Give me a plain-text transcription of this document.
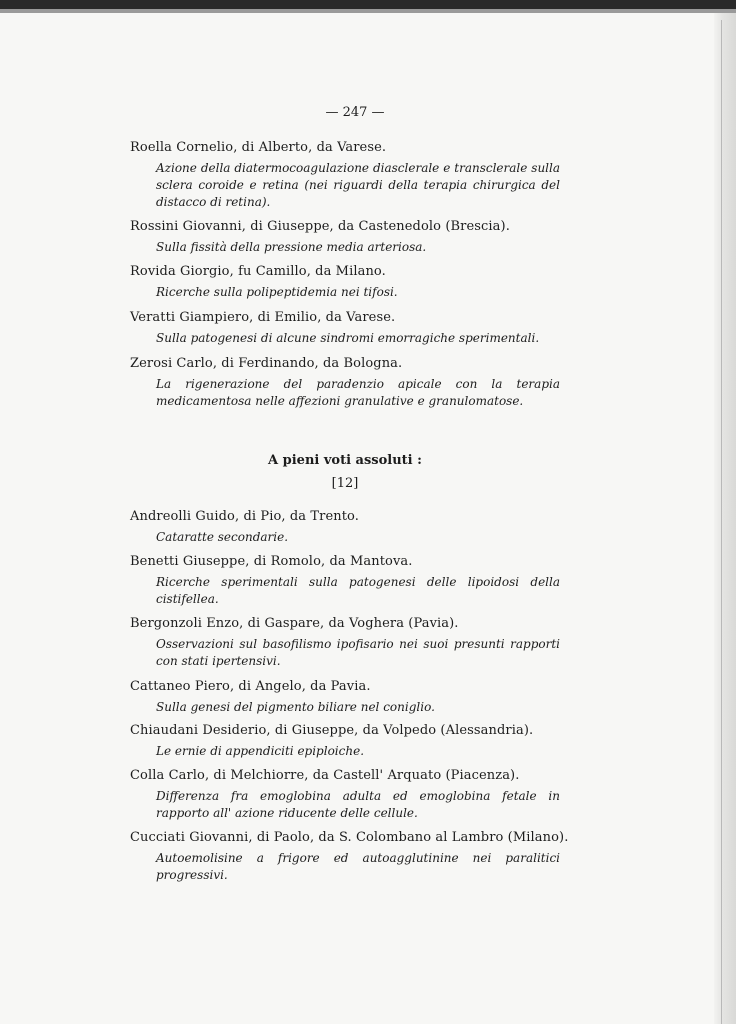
— 247 —
Roella Cornelio, di Alberto, da Varese.
Azione della diatermocoagulazione diasclerale e transclerale sulla sclera coroide e retina (nei riguardi della terapia chirurgica del distacco di retina).
Rossini Giovanni, di Giuseppe, da Castenedolo (Brescia).
Sulla fissità della pressione media arteriosa.
Rovida Giorgio, fu Camillo, da Milano.
Ricerche sulla polipeptidemia nei tifosi.
Veratti Giampiero, di Emilio, da Varese.
Sulla patogenesi di alcune sindromi emorragiche sperimentali.
Zerosi Carlo, di Ferdinando, da Bologna.
La rigenerazione del paradenzio apicale con la terapia medicamentosa nelle affezioni granulative e granulomatose.
A pieni voti assoluti :
[12]
Andreolli Guido, di Pio, da Trento.
Cataratte secondarie.
Benetti Giuseppe, di Romolo, da Mantova.
Ricerche sperimentali sulla patogenesi delle lipoidosi della cistifellea.
Bergonzoli Enzo, di Gaspare, da Voghera (Pavia).
Osservazioni sul basofilismo ipofisario nei suoi presunti rapporti con stati ipertensivi.
Cattaneo Piero, di Angelo, da Pavia.
Sulla genesi del pigmento biliare nel coniglio.
Chiaudani Desiderio, di Giuseppe, da Volpedo (Alessandria).
Le ernie di appendiciti epiploiche.
Colla Carlo, di Melchiorre, da Castell' Arquato (Piacenza).
Differenza fra emoglobina adulta ed emoglobina fetale in rapporto all' azione riducente delle cellule.
Cucciati Giovanni, di Paolo, da S. Colombano al Lambro (Milano).
Autoemolisine a frigore ed autoagglutinine nei paralitici progressivi.
